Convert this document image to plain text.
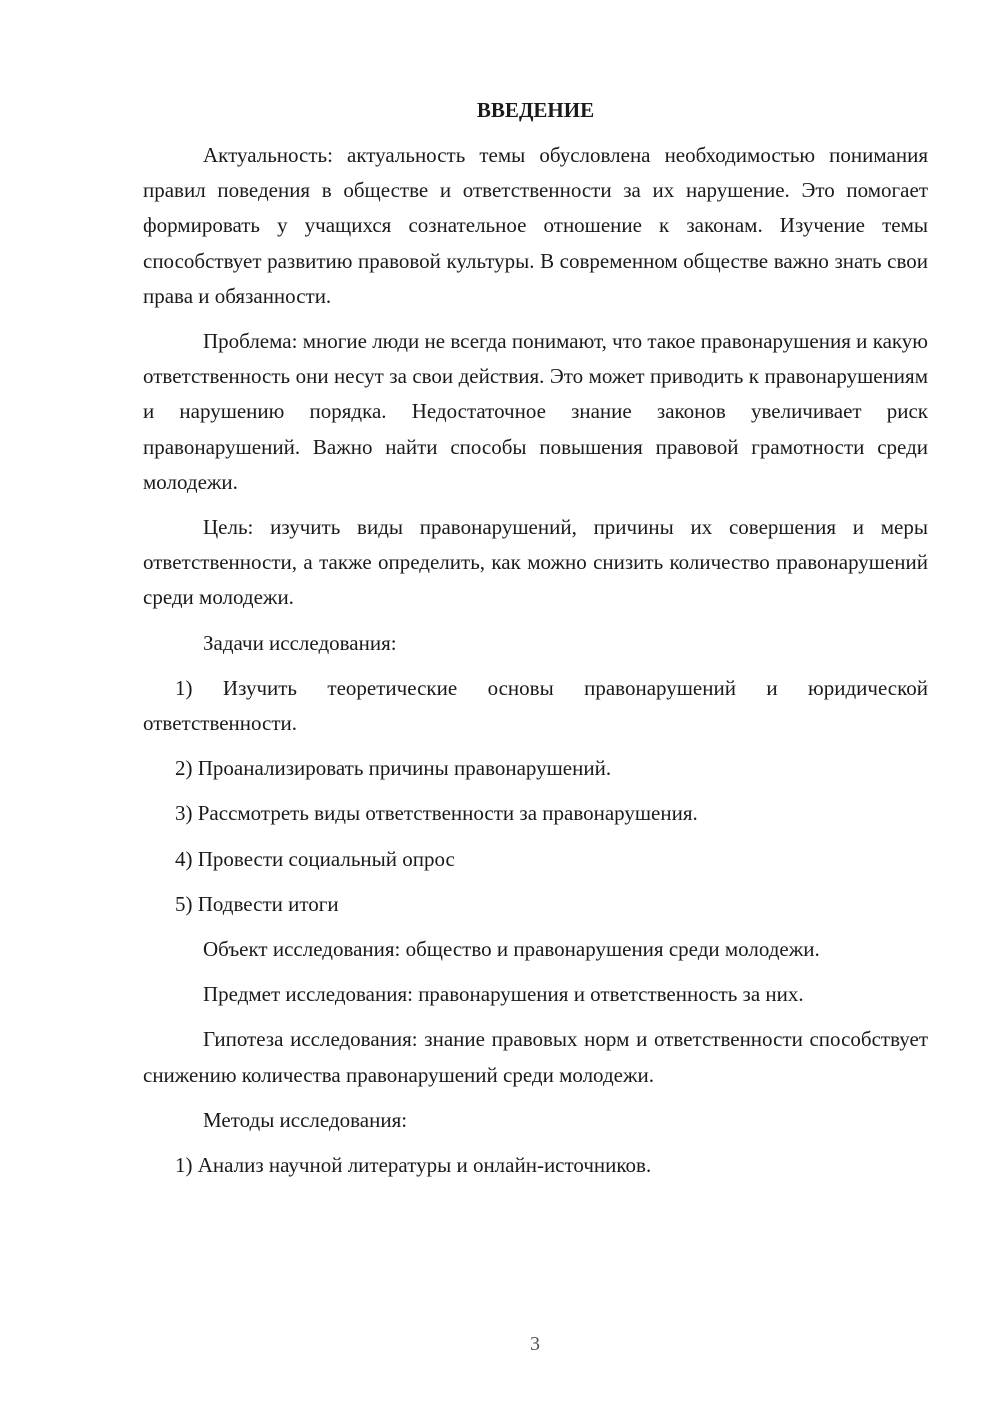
ВВЕДЕНИЕ

Актуальность: актуальность темы обусловлена необходимостью понимания правил поведения в обществе и ответственности за их нарушение. Это помогает формировать у учащихся сознательное отношение к законам. Изучение темы способствует развитию правовой культуры. В современном обществе важно знать свои права и обязанности.

Проблема: многие люди не всегда понимают, что такое правонарушения и какую ответственность они несут за свои действия. Это может приводить к правонарушениям и нарушению порядка. Недостаточное знание законов увеличивает риск правонарушений. Важно найти способы повышения правовой грамотности среди молодежи.

Цель: изучить виды правонарушений, причины их совершения и меры ответственности, а также определить, как можно снизить количество правонарушений среди молодежи.

Задачи исследования:

1) Изучить теоретические основы правонарушений и юридической ответственности.

2) Проанализировать причины правонарушений.

3) Рассмотреть виды ответственности за правонарушения.

4) Провести социальный опрос

5) Подвести итоги

Объект исследования: общество и правонарушения среди молодежи.

Предмет исследования: правонарушения и ответственность за них.

Гипотеза исследования: знание правовых норм и ответственности способствует снижению количества правонарушений среди молодежи.

Методы исследования:

1) Анализ научной литературы и онлайн-источников.

3
